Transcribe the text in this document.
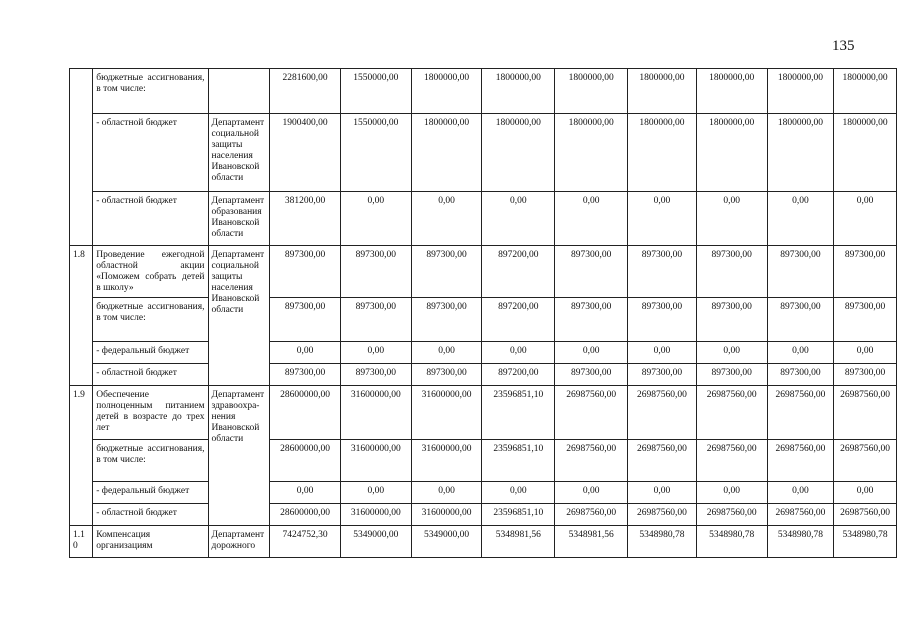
135
	бюджетные ассигнования, в том числе:		2281600,00	1550000,00	1800000,00	1800000,00	1800000,00	1800000,00	1800000,00	1800000,00	1800000,00
	- областной бюджет	Департамент социальной защиты населения Ивановской области	1900400,00	1550000,00	1800000,00	1800000,00	1800000,00	1800000,00	1800000,00	1800000,00	1800000,00
	- областной бюджет	Департамент образования Ивановской области	381200,00	0,00	0,00	0,00	0,00	0,00	0,00	0,00	0,00
1.8	Проведение ежегодной областной акции «Поможем собрать детей в школу»	Департамент социальной защиты населения Ивановской области	897300,00	897300,00	897300,00	897200,00	897300,00	897300,00	897300,00	897300,00	897300,00
	бюджетные ассигнования, в том числе:		897300,00	897300,00	897300,00	897200,00	897300,00	897300,00	897300,00	897300,00	897300,00
	- федеральный бюджет		0,00	0,00	0,00	0,00	0,00	0,00	0,00	0,00	0,00
	- областной бюджет		897300,00	897300,00	897300,00	897200,00	897300,00	897300,00	897300,00	897300,00	897300,00
1.9	Обеспечение полноценным питанием детей в возрасте до трех лет	Департамент здравоохра-нения Ивановской области	28600000,00	31600000,00	31600000,00	23596851,10	26987560,00	26987560,00	26987560,00	26987560,00	26987560,00
	бюджетные ассигнования, в том числе:		28600000,00	31600000,00	31600000,00	23596851,10	26987560,00	26987560,00	26987560,00	26987560,00	26987560,00
	- федеральный бюджет		0,00	0,00	0,00	0,00	0,00	0,00	0,00	0,00	0,00
	- областной бюджет		28600000,00	31600000,00	31600000,00	23596851,10	26987560,00	26987560,00	26987560,00	26987560,00	26987560,00
1.1 0	Компенсация организациям	Департамент дорожного	7424752,30	5349000,00	5349000,00	5348981,56	5348981,56	5348980,78	5348980,78	5348980,78	5348980,78
